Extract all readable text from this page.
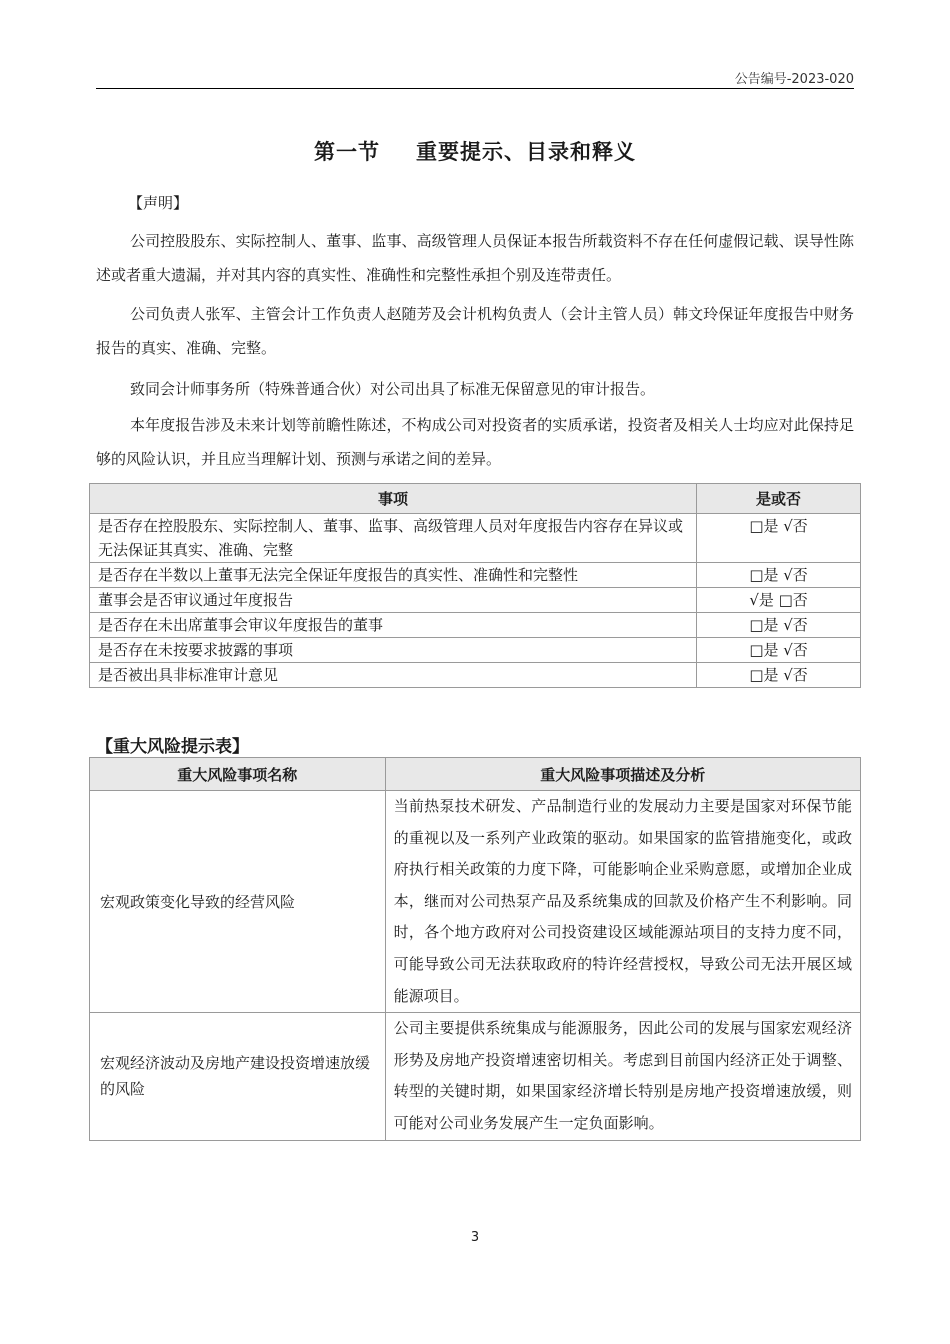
公告编号-2023-020
第一节 重要提示、目录和释义
【声明】
公司控股股东、实际控制人、董事、监事、高级管理人员保证本报告所载资料不存在任何虚假记载、误导性陈述或者重大遗漏，并对其内容的真实性、准确性和完整性承担个别及连带责任。
公司负责人张军、主管会计工作负责人赵随芳及会计机构负责人（会计主管人员）韩文玲保证年度报告中财务报告的真实、准确、完整。
致同会计师事务所（特殊普通合伙）对公司出具了标准无保留意见的审计报告。
本年度报告涉及未来计划等前瞻性陈述，不构成公司对投资者的实质承诺，投资者及相关人士均应对此保持足够的风险认识，并且应当理解计划、预测与承诺之间的差异。
事项	是或否
是否存在控股股东、实际控制人、董事、监事、高级管理人员对年度报告内容存在异议或无法保证其真实、准确、完整	□是 √否
是否存在半数以上董事无法完全保证年度报告的真实性、准确性和完整性	□是 √否
董事会是否审议通过年度报告	√是 □否
是否存在未出席董事会审议年度报告的董事	□是 √否
是否存在未按要求披露的事项	□是 √否
是否被出具非标准审计意见	□是 √否
【重大风险提示表】
重大风险事项名称	重大风险事项描述及分析
宏观政策变化导致的经营风险	当前热泵技术研发、产品制造行业的发展动力主要是国家对环保节能的重视以及一系列产业政策的驱动。如果国家的监管措施变化，或政府执行相关政策的力度下降，可能影响企业采购意愿，或增加企业成本，继而对公司热泵产品及系统集成的回款及价格产生不利影响。同时，各个地方政府对公司投资建设区域能源站项目的支持力度不同，可能导致公司无法获取政府的特许经营授权，导致公司无法开展区域能源项目。
宏观经济波动及房地产建设投资增速放缓的风险	公司主要提供系统集成与能源服务，因此公司的发展与国家宏观经济形势及房地产投资增速密切相关。考虑到目前国内经济正处于调整、转型的关键时期，如果国家经济增长特别是房地产投资增速放缓，则可能对公司业务发展产生一定负面影响。
3
